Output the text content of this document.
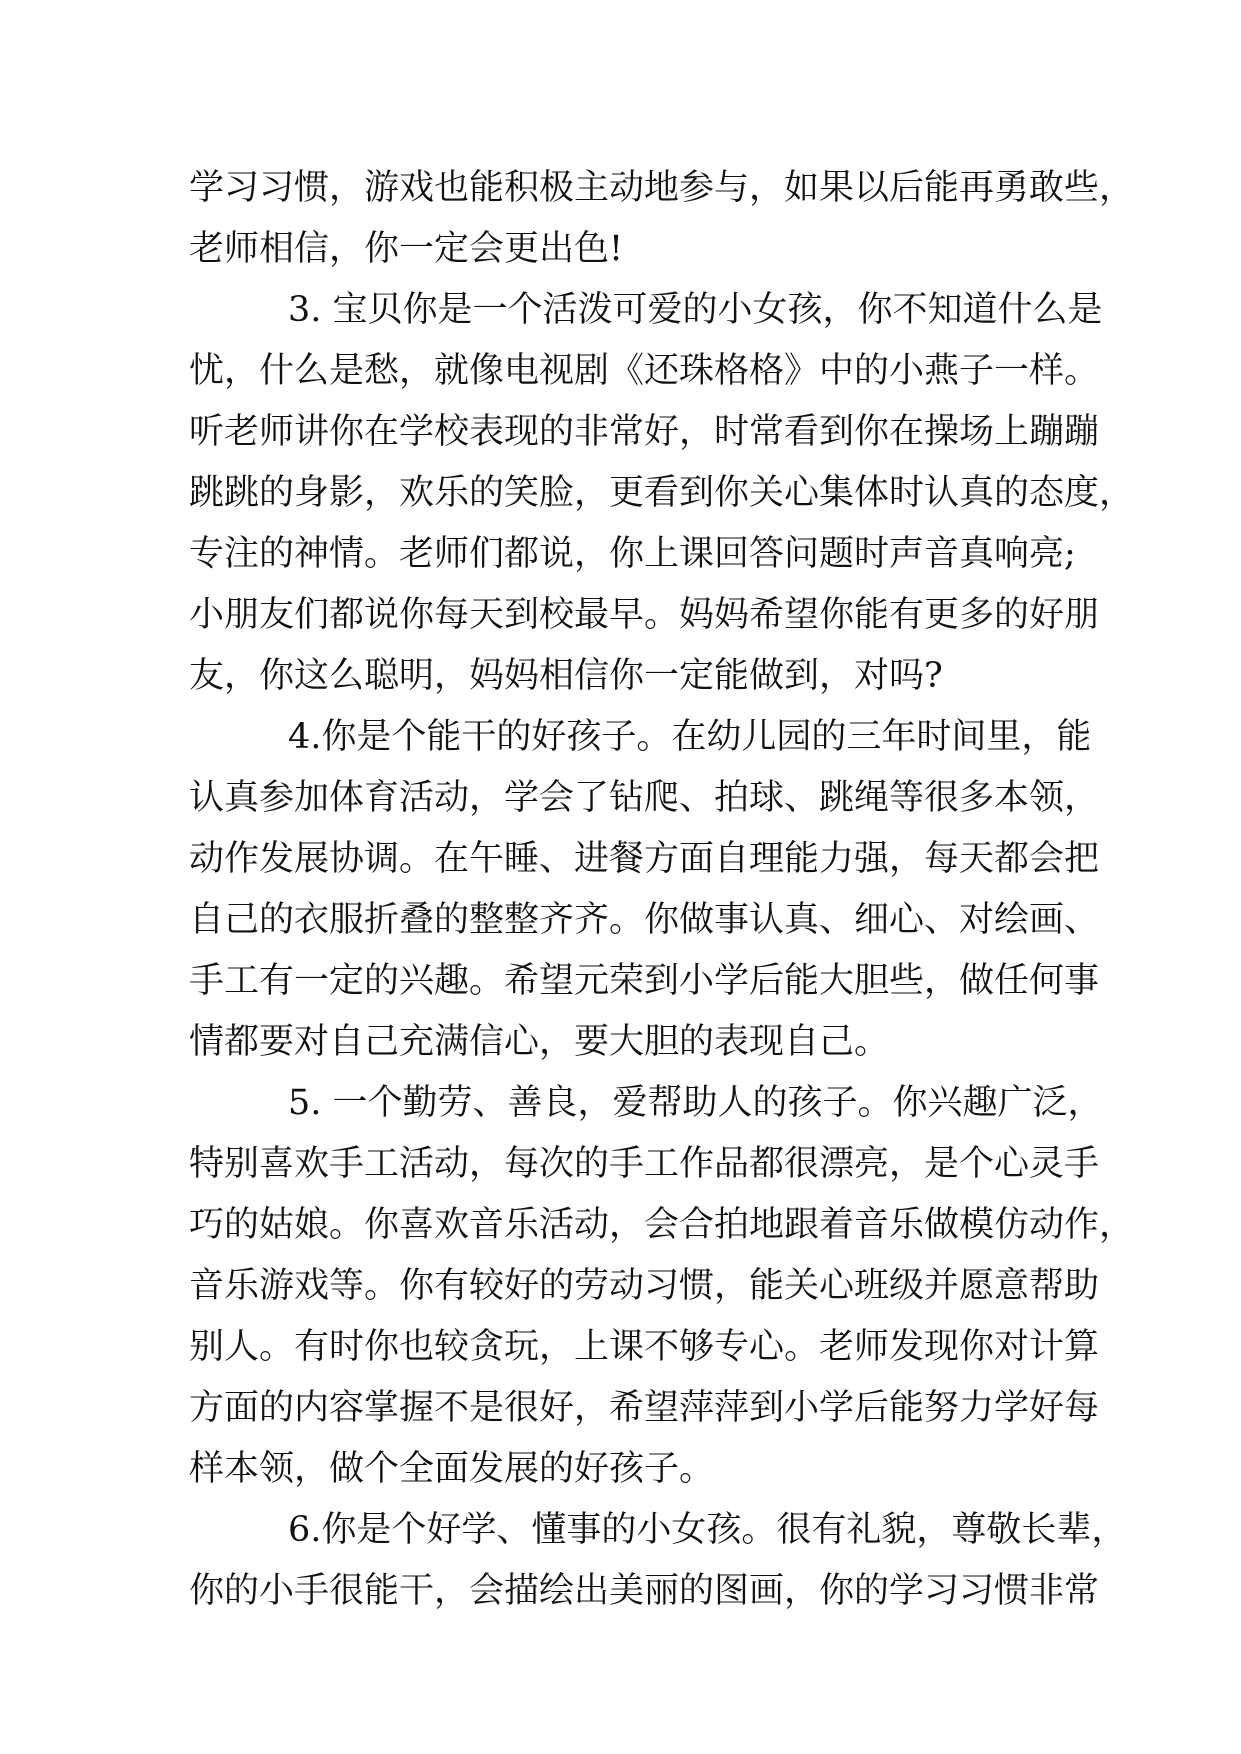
学习习惯，游戏也能积极主动地参与，如果以后能再勇敢些，
老师相信，你一定会更出色!
3. 宝贝你是一个活泼可爱的小女孩，你不知道什么是
忧，什么是愁，就像电视剧《还珠格格》中的小燕子一样。
听老师讲你在学校表现的非常好，时常看到你在操场上蹦蹦
跳跳的身影，欢乐的笑脸，更看到你关心集体时认真的态度，
专注的神情。老师们都说，你上课回答问题时声音真响亮;
小朋友们都说你每天到校最早。妈妈希望你能有更多的好朋
友，你这么聪明，妈妈相信你一定能做到，对吗?
4.你是个能干的好孩子。在幼儿园的三年时间里，能
认真参加体育活动，学会了钻爬、拍球、跳绳等很多本领，
动作发展协调。在午睡、进餐方面自理能力强，每天都会把
自己的衣服折叠的整整齐齐。你做事认真、细心、对绘画、
手工有一定的兴趣。希望元荣到小学后能大胆些，做任何事
情都要对自己充满信心，要大胆的表现自己。
5. 一个勤劳、善良，爱帮助人的孩子。你兴趣广泛，
特别喜欢手工活动，每次的手工作品都很漂亮，是个心灵手
巧的姑娘。你喜欢音乐活动，会合拍地跟着音乐做模仿动作，
音乐游戏等。你有较好的劳动习惯，能关心班级并愿意帮助
别人。有时你也较贪玩，上课不够专心。老师发现你对计算
方面的内容掌握不是很好，希望萍萍到小学后能努力学好每
样本领，做个全面发展的好孩子。
6.你是个好学、懂事的小女孩。很有礼貌，尊敬长辈，
你的小手很能干，会描绘出美丽的图画，你的学习习惯非常
